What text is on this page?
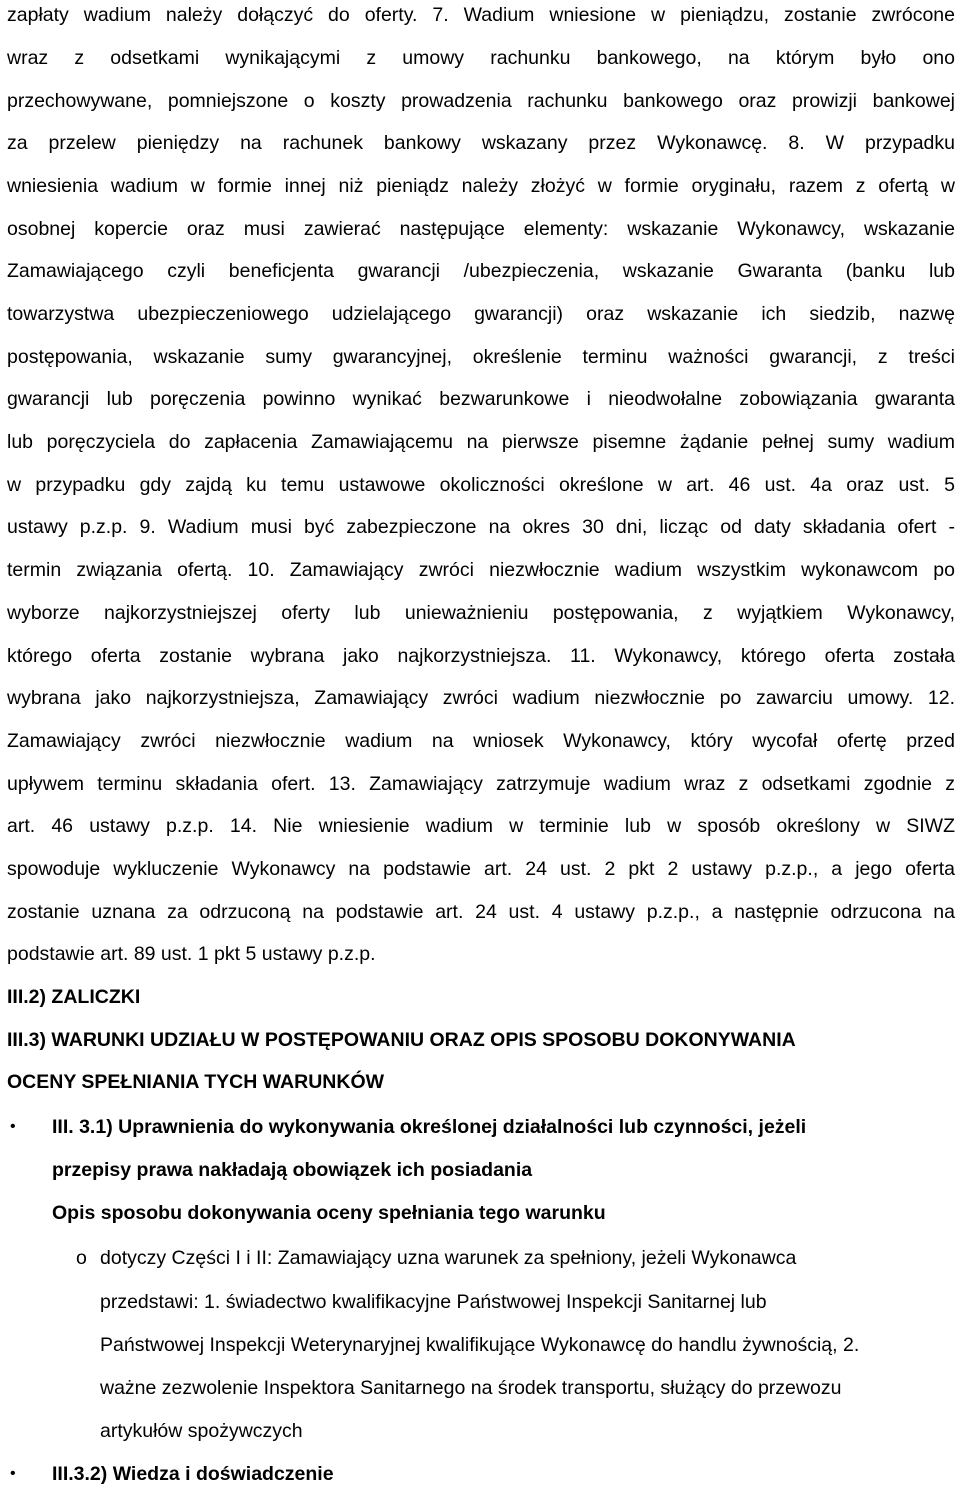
zapłaty wadium należy dołączyć do oferty. 7. Wadium wniesione w pieniądzu, zostanie zwrócone
wraz z odsetkami wynikającymi z umowy rachunku bankowego, na którym było ono
przechowywane, pomniejszone o koszty prowadzenia rachunku bankowego oraz prowizji bankowej
za przelew pieniędzy na rachunek bankowy wskazany przez Wykonawcę. 8. W przypadku
wniesienia wadium w formie innej niż pieniądz należy złożyć w formie oryginału, razem z ofertą w
osobnej kopercie oraz musi zawierać następujące elementy: wskazanie Wykonawcy, wskazanie
Zamawiającego czyli beneficjenta gwarancji /ubezpieczenia, wskazanie Gwaranta (banku lub
towarzystwa ubezpieczeniowego udzielającego gwarancji) oraz wskazanie ich siedzib, nazwę
postępowania, wskazanie sumy gwarancyjnej, określenie terminu ważności gwarancji, z treści
gwarancji lub poręczenia powinno wynikać bezwarunkowe i nieodwołalne zobowiązania gwaranta
lub poręczyciela do zapłacenia Zamawiającemu na pierwsze pisemne żądanie pełnej sumy wadium
w przypadku gdy zajdą ku temu ustawowe okoliczności określone w art. 46 ust. 4a oraz ust. 5
ustawy p.z.p. 9. Wadium musi być zabezpieczone na okres 30 dni, licząc od daty składania ofert -
termin związania ofertą. 10. Zamawiający zwróci niezwłocznie wadium wszystkim wykonawcom po
wyborze najkorzystniejszej oferty lub unieważnieniu postępowania, z wyjątkiem Wykonawcy,
którego oferta zostanie wybrana jako najkorzystniejsza. 11. Wykonawcy, którego oferta została
wybrana jako najkorzystniejsza, Zamawiający zwróci wadium niezwłocznie po zawarciu umowy. 12.
Zamawiający zwróci niezwłocznie wadium na wniosek Wykonawcy, który wycofał ofertę przed
upływem terminu składania ofert. 13. Zamawiający zatrzymuje wadium wraz z odsetkami zgodnie z
art. 46 ustawy p.z.p. 14. Nie wniesienie wadium w terminie lub w sposób określony w SIWZ
spowoduje wykluczenie Wykonawcy na podstawie art. 24 ust. 2 pkt 2 ustawy p.z.p., a jego oferta
zostanie uznana za odrzuconą na podstawie art. 24 ust. 4 ustawy p.z.p., a następnie odrzucona na
podstawie art. 89 ust. 1 pkt 5 ustawy p.z.p.
III.2) ZALICZKI
III.3) WARUNKI UDZIAŁU W POSTĘPOWANIU ORAZ OPIS SPOSOBU DOKONYWANIA
OCENY SPEŁNIANIA TYCH WARUNKÓW
•	III. 3.1) Uprawnienia do wykonywania określonej działalności lub czynności, jeżeli
przepisy prawa nakładają obowiązek ich posiadania
Opis sposobu dokonywania oceny spełniania tego warunku
o dotyczy Części I i II: Zamawiający uzna warunek za spełniony, jeżeli Wykonawca
przedstawi: 1. świadectwo kwalifikacyjne Państwowej Inspekcji Sanitarnej lub
Państwowej Inspekcji Weterynaryjnej kwalifikujące Wykonawcę do handlu żywnością, 2.
ważne zezwolenie Inspektora Sanitarnego na środek transportu, służący do przewozu
artykułów spożywczych
•	III.3.2) Wiedza i doświadczenie
